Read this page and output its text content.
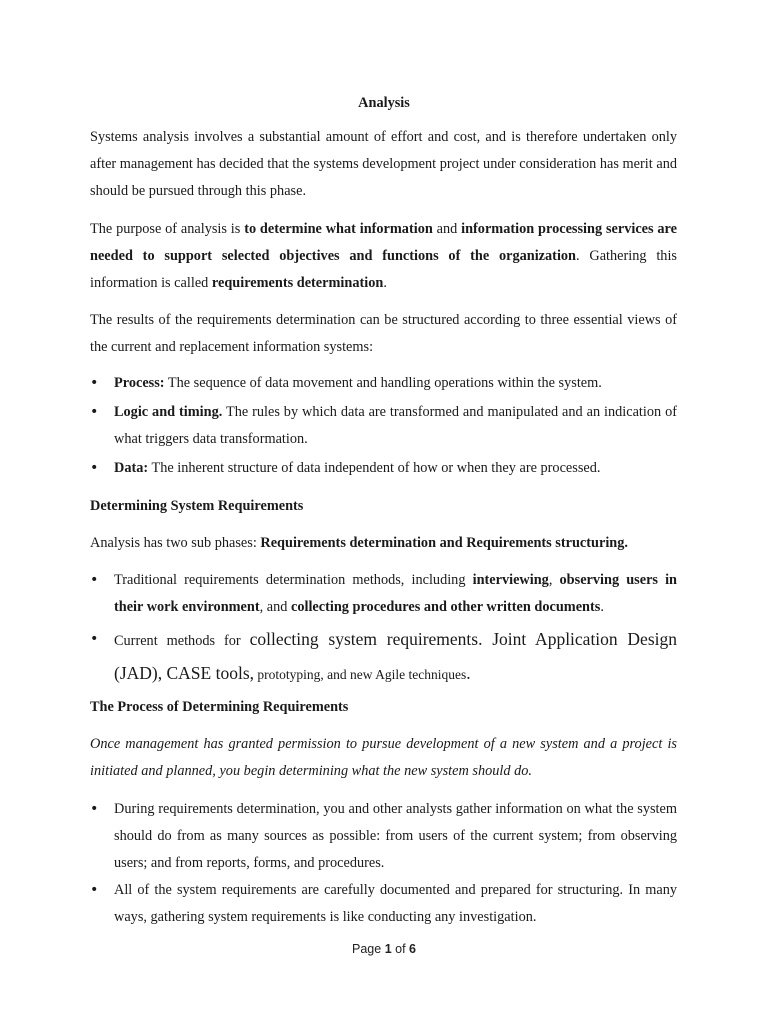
Analysis

Systems analysis involves a substantial amount of effort and cost, and is therefore undertaken only after management has decided that the systems development project under consideration has merit and should be pursued through this phase.

The purpose of analysis is to determine what information and information processing services are needed to support selected objectives and functions of the organization. Gathering this information is called requirements determination.

The results of the requirements determination can be structured according to three essential views of the current and replacement information systems:

• Process: The sequence of data movement and handling operations within the system.
• Logic and timing. The rules by which data are transformed and manipulated and an indication of what triggers data transformation.
• Data: The inherent structure of data independent of how or when they are processed.
Determining System Requirements

Analysis has two sub phases: Requirements determination and Requirements structuring.

• Traditional requirements determination methods, including interviewing, observing users in their work environment, and collecting procedures and other written documents.
• Current methods for collecting system requirements. Joint Application Design (JAD), CASE tools, prototyping, and new Agile techniques.
The Process of Determining Requirements

Once management has granted permission to pursue development of a new system and a project is initiated and planned, you begin determining what the new system should do.

• During requirements determination, you and other analysts gather information on what the system should do from as many sources as possible: from users of the current system; from observing users; and from reports, forms, and procedures.
• All of the system requirements are carefully documented and prepared for structuring. In many ways, gathering system requirements is like conducting any investigation.
Page 1 of 6
